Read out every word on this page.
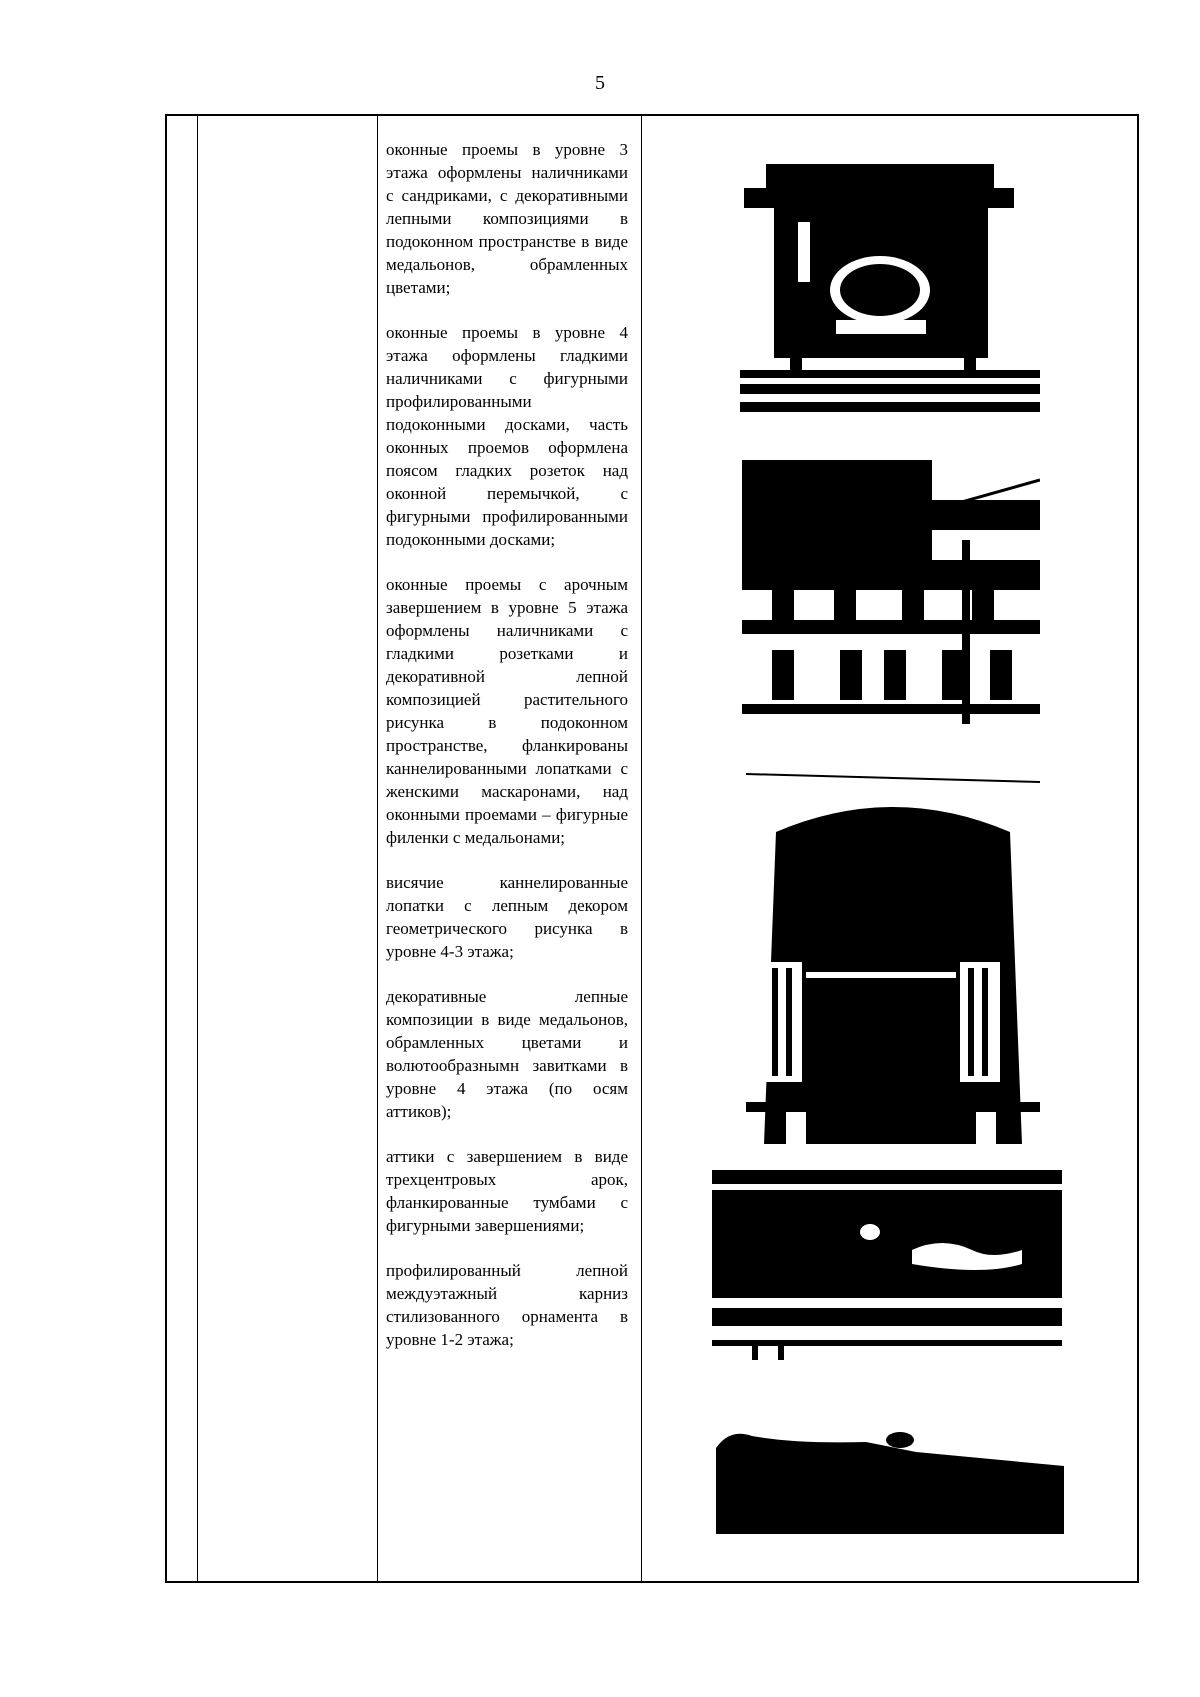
5

оконные проемы в уровне 3 этажа оформлены наличниками с сандриками, с декоративными лепными композициями в подоконном пространстве в виде медальонов, обрамленных цветами;

оконные проемы в уровне 4 этажа оформлены гладкими наличниками с фигурными профилированными подоконными досками, часть оконных проемов оформлена поясом гладких розеток над оконной перемычкой, с фигурными профилированными подоконными досками;

оконные проемы с арочным завершением в уровне 5 этажа оформлены наличниками с гладкими розетками и декоративной лепной композицией растительного рисунка в подоконном пространстве, фланкированы каннелированными лопатками с женскими маскаронами, над оконными проемами – фигурные филенки с медальонами;

висячие каннелированные лопатки с лепным декором геометрического рисунка в уровне 4-3 этажа;

декоративные лепные композиции в виде медальонов, обрамленных цветами и волютообразнымн завитками в уровне 4 этажа (по осям аттиков);

аттики с завершением в виде трехцентровых арок, фланкированные тумбами с фигурными завершениями;

профилированный лепной междуэтажный карниз стилизованного орнамента в уровне 1-2 этажа;
